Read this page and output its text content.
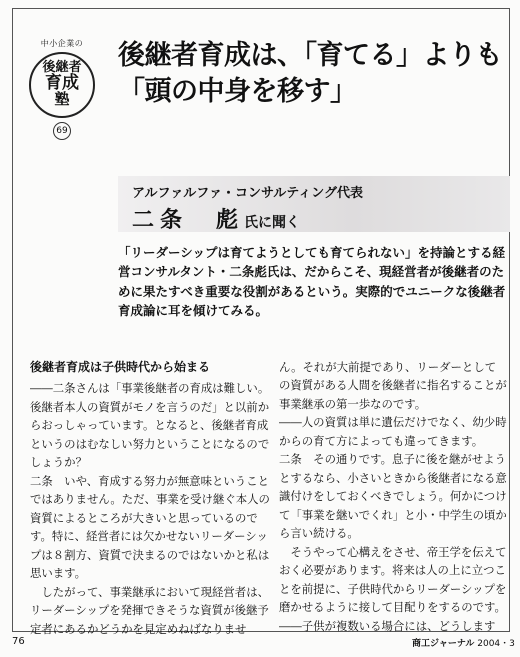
中小企業の
後継者
育成
塾
69
後継者育成は、「育てる」よりも
「頭の中身を移す」
アルファルファ・コンサルティング代表
二条　彪氏に聞く
「リーダーシップは育てようとしても育てられない」を持論とする経営コンサルタント・二条彪氏は、だからこそ、現経営者が後継者のために果たすべき重要な役割があるという。実際的でユニークな後継者育成論に耳を傾けてみる。
後継者育成は子供時代から始まる

――二条さんは「事業後継者の育成は難しい。後継者本人の資質がモノを言うのだ」と以前からおっしゃっています。となると、後継者育成というのはむなしい努力ということになるのでしょうか？

二条　いや、育成する努力が無意味ということではありません。ただ、事業を受け継ぐ本人の資質によるところが大きいと思っているのです。特に、経営者には欠かせないリーダーシップは８割方、資質で決まるのではないかと私は思います。

　したがって、事業継承において現経営者は、リーダーシップを発揮できそうな資質が後継予定者にあるかどうかを見定めねばなりませ

ん。それが大前提であり、リーダーとしての資質がある人間を後継者に指名することが事業継承の第一歩なのです。

――人の資質は単に遺伝だけでなく、幼少時からの育て方によっても違ってきます。

二条　その通りです。息子に後を継がせようとするなら、小さいときから後継者になる意識付けをしておくべきでしょう。何かにつけて「事業を継いでくれ」と小・中学生の頃から言い続ける。

　そうやって心構えをさせ、帝王学を伝えておく必要があります。将来は人の上に立つことを前提に、子供時代からリーダーシップを磨かせるように接して目配りをするのです。

――子供が複数いる場合には、どうします

76	商工ジャーナル 2004・3
